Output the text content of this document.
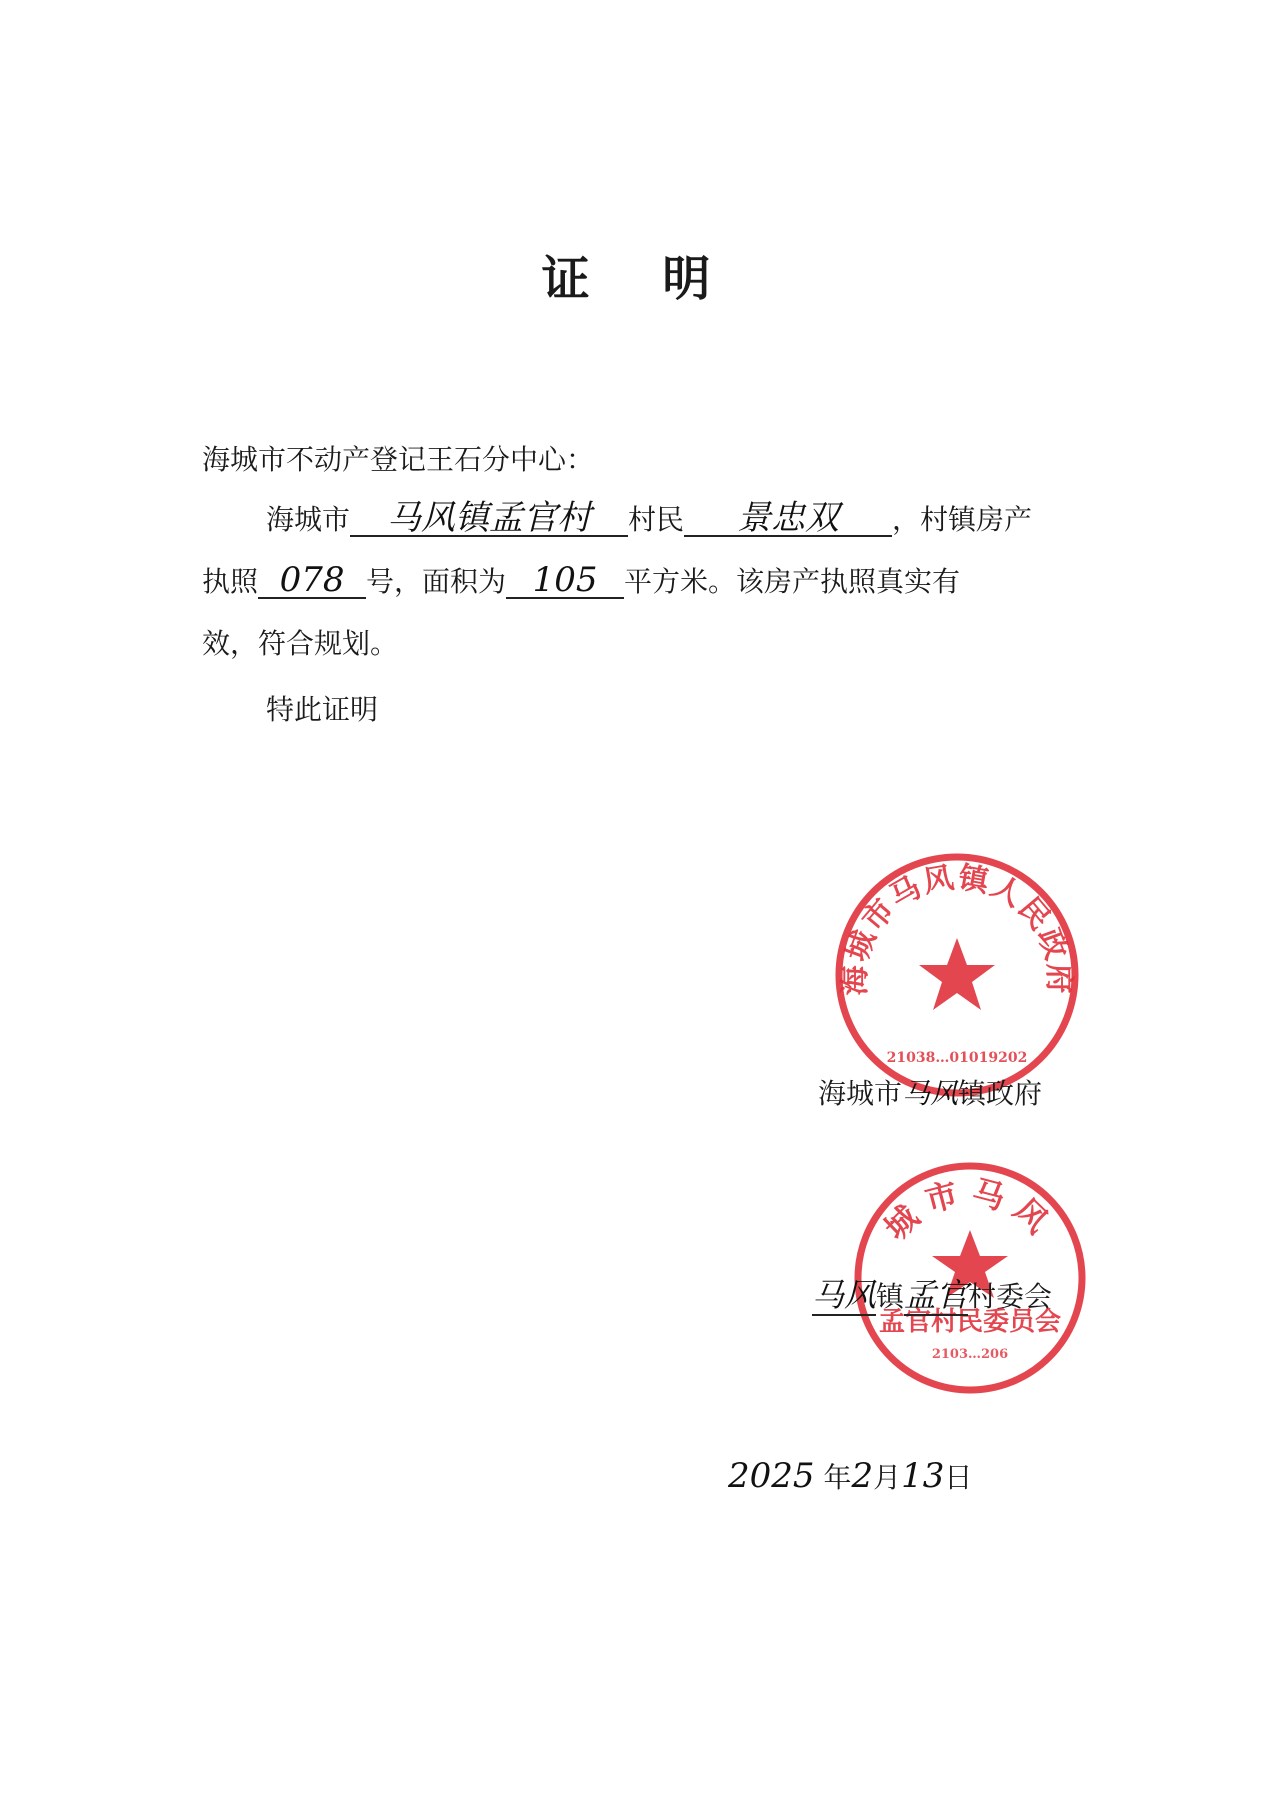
证 明
海城市不动产登记王石分中心：
海城市 马风镇孟官村 村民 景忠双 ，村镇房产
执照 078 号，面积为 105 平方米。该房产执照真实有
效，符合规划。
特此证明
海城市马风镇人民政府
21038…01019202
海城市马风镇政府
城市马风
孟官村民委员会
2103…206
马风镇孟官村委会
2025 年2月13日
